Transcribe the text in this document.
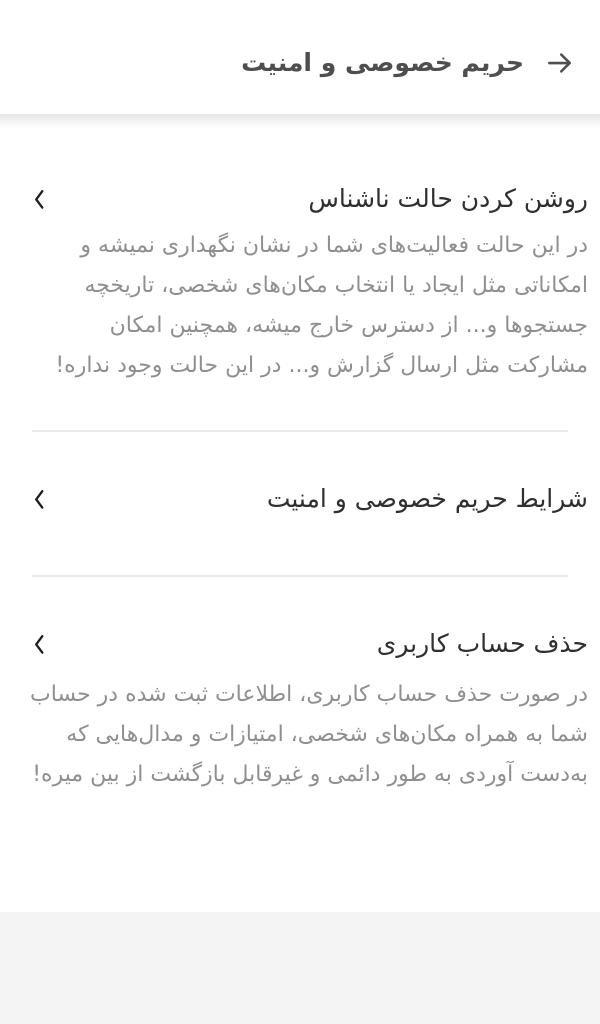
حریم خصوصی و امنیت
روشن کردن حالت ناشناس

در این حالت فعالیت‌های شما در نشان نگهداری نمیشه و امکاناتی مثل ایجاد یا انتخاب مکان‌های شخصی، تاریخچه جستجوها و... از دسترس خارج میشه، همچنین امکان مشارکت مثل ارسال گزارش و... در این حالت وجود نداره!

شرایط حریم خصوصی و امنیت
حذف حساب کاربری

در صورت حذف حساب کاربری، اطلاعات ثبت شده در حساب شما به همراه مکان‌های شخصی، امتیازات و مدال‌هایی که به‌دست آوردی به طور دائمی و غیرقابل بازگشت از بین میره!
